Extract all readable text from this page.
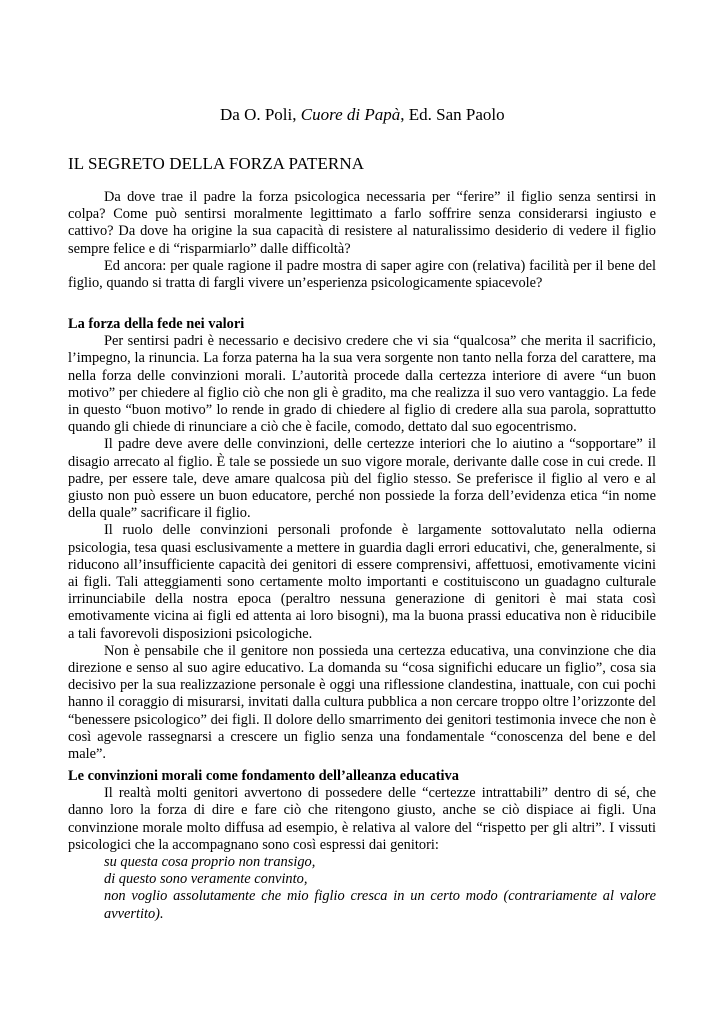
Da O. Poli, Cuore di Papà, Ed. San Paolo
IL SEGRETO DELLA FORZA PATERNA

Da dove trae il padre la forza psicologica necessaria per “ferire” il figlio senza sentirsi in colpa? Come può sentirsi moralmente legittimato a farlo soffrire senza considerarsi ingiusto e cattivo? Da dove ha origine la sua capacità di resistere al naturalissimo desiderio di vedere il figlio sempre felice e di “risparmiarlo” dalle difficoltà?

Ed ancora: per quale ragione il padre mostra di saper agire con (relativa) facilità per il bene del figlio, quando si tratta di fargli vivere un’esperienza psicologicamente spiacevole?

La forza della fede nei valori

Per sentirsi padri è necessario e decisivo credere che vi sia “qualcosa” che merita il sacrificio, l’impegno, la rinuncia. La forza paterna ha la sua vera sorgente non tanto nella forza del carattere, ma nella forza delle convinzioni morali. L’autorità procede dalla certezza interiore di avere “un buon motivo” per chiedere al figlio ciò che non gli è gradito, ma che realizza il suo vero vantaggio. La fede in questo “buon motivo” lo rende in grado di chiedere al figlio di credere alla sua parola, soprattutto quando gli chiede di rinunciare a ciò che è facile, comodo, dettato dal suo egocentrismo.

Il padre deve avere delle convinzioni, delle certezze interiori che lo aiutino a “sopportare” il disagio arrecato al figlio. È tale se possiede un suo vigore morale, derivante dalle cose in cui crede. Il padre, per essere tale, deve amare qualcosa più del figlio stesso. Se preferisce il figlio al vero e al giusto non può essere un buon educatore, perché non possiede la forza dell’evidenza etica “in nome della quale” sacrificare il figlio.

Il ruolo delle convinzioni personali profonde è largamente sottovalutato nella odierna psicologia, tesa quasi esclusivamente a mettere in guardia dagli errori educativi, che, generalmente, si riducono all’insufficiente capacità dei genitori di essere comprensivi, affettuosi, emotivamente vicini ai figli. Tali atteggiamenti sono certamente molto importanti e costituiscono un guadagno culturale irrinunciabile della nostra epoca (peraltro nessuna generazione di genitori è mai stata così emotivamente vicina ai figli ed attenta ai loro bisogni), ma la buona prassi educativa non è riducibile a tali favorevoli disposizioni psicologiche.

Non è pensabile che il genitore non possieda una certezza educativa, una convinzione che dia direzione e senso al suo agire educativo. La domanda su “cosa significhi educare un figlio”, cosa sia decisivo per la sua realizzazione personale è oggi una riflessione clandestina, inattuale, con cui pochi hanno il coraggio di misurarsi, invitati dalla cultura pubblica a non cercare troppo oltre l’orizzonte del “benessere psicologico” dei figli. Il dolore dello smarrimento dei genitori testimonia invece che non è così agevole rassegnarsi a crescere un figlio senza una fondamentale “conoscenza del bene e del male”.

Le convinzioni morali come fondamento dell’alleanza educativa

Il realtà molti genitori avvertono di possedere delle “certezze intrattabili” dentro di sé, che danno loro la forza di dire e fare ciò che ritengono giusto, anche se ciò dispiace ai figli. Una convinzione morale molto diffusa ad esempio, è relativa al valore del “rispetto per gli altri”. I vissuti psicologici che la accompagnano sono così espressi dai genitori:

su questa cosa proprio non transigo,
di questo sono veramente convinto,
non voglio assolutamente che mio figlio cresca in un certo modo (contrariamente al valore avvertito).
